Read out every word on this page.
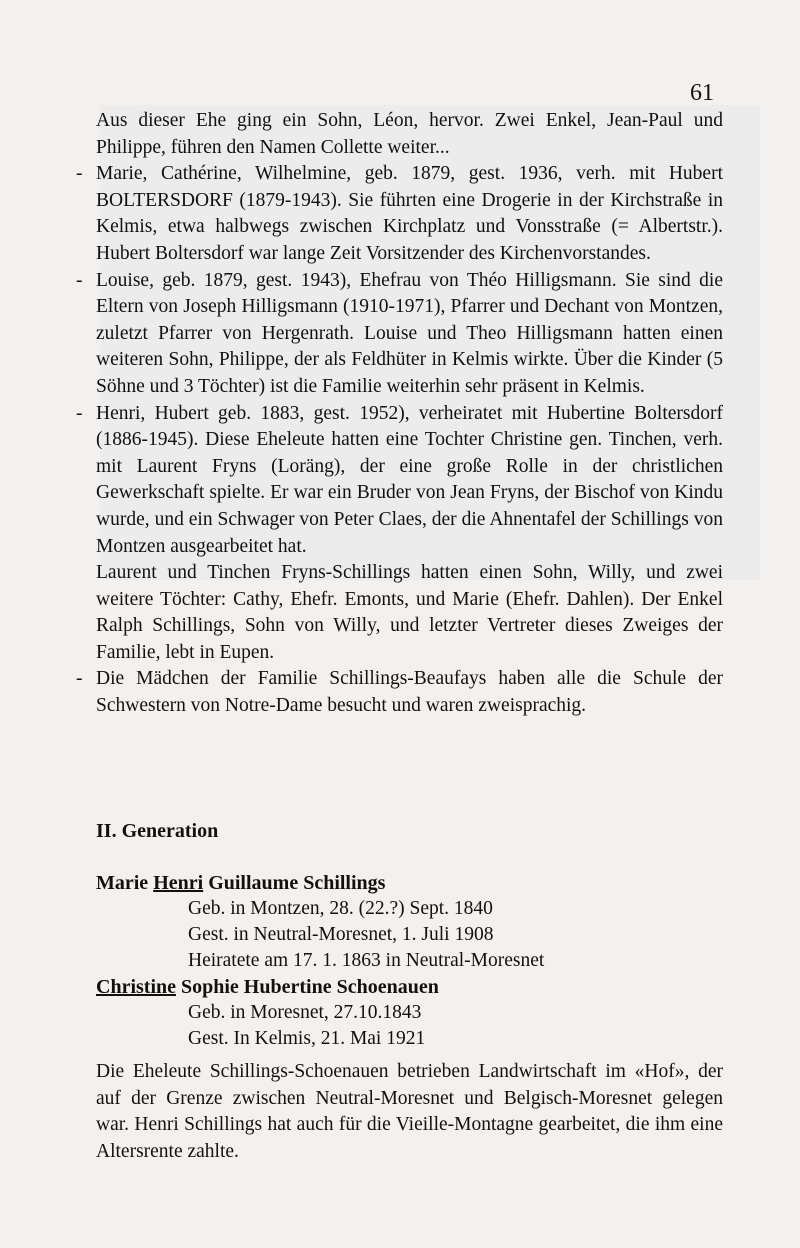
61

Aus dieser Ehe ging ein Sohn, Léon, hervor. Zwei Enkel, Jean-Paul und Philippe, führen den Namen Collette weiter...

- Marie, Cathérine, Wilhelmine, geb. 1879, gest. 1936, verh. mit Hubert BOLTERSDORF (1879-1943). Sie führten eine Drogerie in der Kirchstraße in Kelmis, etwa halbwegs zwischen Kirchplatz und Vonsstraße (= Albertstr.). Hubert Boltersdorf war lange Zeit Vorsitzender des Kirchenvorstandes.

- Louise, geb. 1879, gest. 1943), Ehefrau von Théo Hilligsmann. Sie sind die Eltern von Joseph Hilligsmann (1910-1971), Pfarrer und Dechant von Montzen, zuletzt Pfarrer von Hergenrath. Louise und Theo Hilligsmann hatten einen weiteren Sohn, Philippe, der als Feldhüter in Kelmis wirkte. Über die Kinder (5 Söhne und 3 Töchter) ist die Familie weiterhin sehr präsent in Kelmis.

- Henri, Hubert geb. 1883, gest. 1952), verheiratet mit Hubertine Boltersdorf (1886-1945). Diese Eheleute hatten eine Tochter Christine gen. Tinchen, verh. mit Laurent Fryns (Loräng), der eine große Rolle in der christlichen Gewerkschaft spielte. Er war ein Bruder von Jean Fryns, der Bischof von Kindu wurde, und ein Schwager von Peter Claes, der die Ahnentafel der Schillings von Montzen ausgearbeitet hat.

Laurent und Tinchen Fryns-Schillings hatten einen Sohn, Willy, und zwei weitere Töchter: Cathy, Ehefr. Emonts, und Marie (Ehefr. Dahlen). Der Enkel Ralph Schillings, Sohn von Willy, und letzter Vertreter dieses Zweiges der Familie, lebt in Eupen.

- Die Mädchen der Familie Schillings-Beaufays haben alle die Schule der Schwestern von Notre-Dame besucht und waren zweisprachig.

II. Generation
Marie Henri Guillaume Schillings
Geb. in Montzen, 28. (22.?) Sept. 1840
Gest. in Neutral-Moresnet, 1. Juli 1908
Heiratete am 17. 1. 1863 in Neutral-Moresnet
Christine Sophie Hubertine Schoenauen
Geb. in Moresnet, 27.10.1843
Gest. In Kelmis, 21. Mai 1921

Die Eheleute Schillings-Schoenauen betrieben Landwirtschaft im «Hof», der auf der Grenze zwischen Neutral-Moresnet und Belgisch-Moresnet gelegen war. Henri Schillings hat auch für die Vieille-Montagne gearbeitet, die ihm eine Altersrente zahlte.
